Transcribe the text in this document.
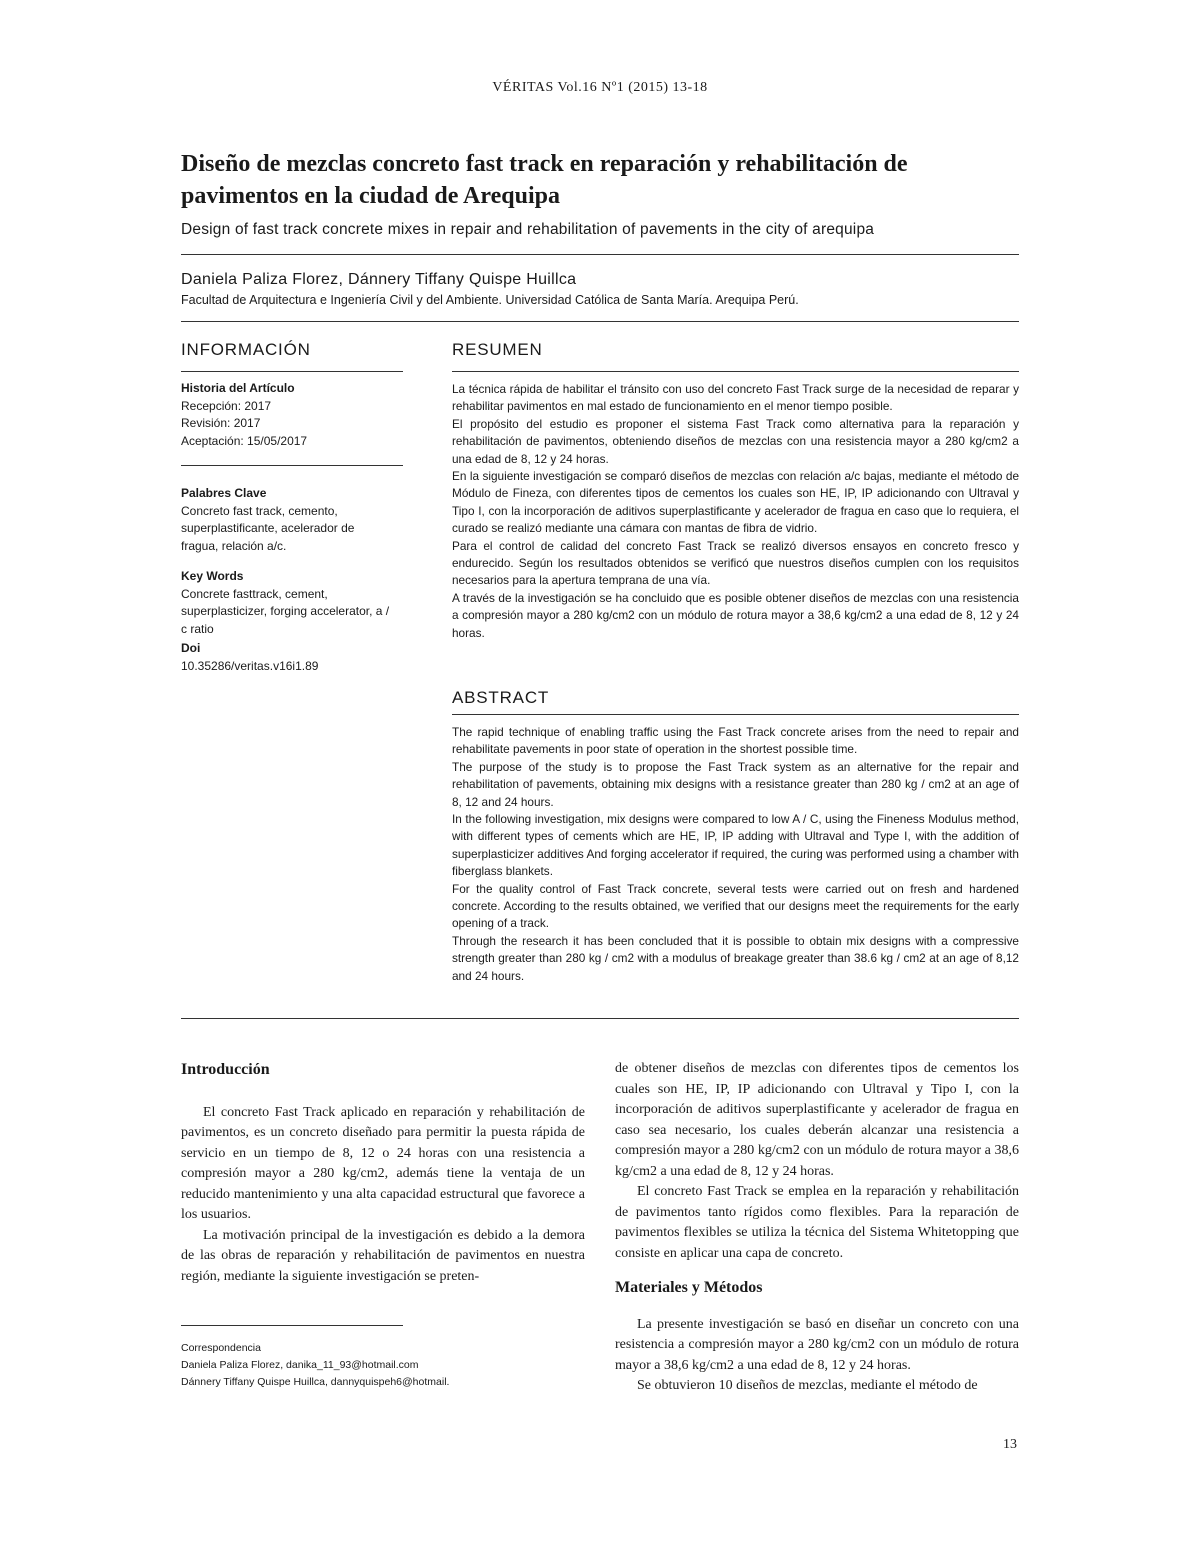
VÉRITAS Vol.16 Nº1 (2015) 13-18
Diseño de mezclas concreto fast track en reparación y rehabilitación de pavimentos en la ciudad de Arequipa
Design of fast track concrete mixes in repair and rehabilitation of pavements in the city of arequipa
Daniela Paliza Florez, Dánnery Tiffany Quispe Huillca
Facultad de Arquitectura e Ingeniería Civil y del Ambiente. Universidad Católica de Santa María. Arequipa Perú.
INFORMACIÓN
Historia del Artículo
Recepción: 2017
Revisión: 2017
Aceptación: 15/05/2017
Palabres Clave
Concreto fast track, cemento, superplastificante, acelerador de fragua, relación a/c.
Key Words
Concrete fasttrack, cement, superplasticizer, forging accelerator, a / c ratio
Doi
10.35286/veritas.v16i1.89
RESUMEN

La técnica rápida de habilitar el tránsito con uso del concreto Fast Track surge de la necesidad de reparar y rehabilitar pavimentos en mal estado de funcionamiento en el menor tiempo posible.

El propósito del estudio es proponer el sistema Fast Track como alternativa para la reparación y rehabilitación de pavimentos, obteniendo diseños de mezclas con una resistencia mayor a 280 kg/cm2 a una edad de 8, 12 y 24 horas.

En la siguiente investigación se comparó diseños de mezclas con relación a/c bajas, mediante el método de Módulo de Fineza, con diferentes tipos de cementos los cuales son HE, IP, IP adicionando con Ultraval y Tipo I, con la incorporación de aditivos superplastificante y acelerador de fragua en caso que lo requiera, el curado se realizó mediante una cámara con mantas de fibra de vidrio.

Para el control de calidad del concreto Fast Track se realizó diversos ensayos en concreto fresco y endurecido. Según los resultados obtenidos se verificó que nuestros diseños cumplen con los requisitos necesarios para la apertura temprana de una vía.

A través de la investigación se ha concluido que es posible obtener diseños de mezclas con una resistencia a compresión mayor a 280 kg/cm2 con un módulo de rotura mayor a 38,6 kg/cm2 a una edad de 8, 12 y 24 horas.

ABSTRACT

The rapid technique of enabling traffic using the Fast Track concrete arises from the need to repair and rehabilitate pavements in poor state of operation in the shortest possible time.

The purpose of the study is to propose the Fast Track system as an alternative for the repair and rehabilitation of pavements, obtaining mix designs with a resistance greater than 280 kg / cm2 at an age of 8, 12 and 24 hours.

In the following investigation, mix designs were compared to low A / C, using the Fineness Modulus method, with different types of cements which are HE, IP, IP adding with Ultraval and Type I, with the addition of superplasticizer additives And forging accelerator if required, the curing was performed using a chamber with fiberglass blankets.

For the quality control of Fast Track concrete, several tests were carried out on fresh and hardened concrete. According to the results obtained, we verified that our designs meet the requirements for the early opening of a track.

Through the research it has been concluded that it is possible to obtain mix designs with a compressive strength greater than 280 kg / cm2 with a modulus of breakage greater than 38.6 kg / cm2 at an age of 8,12 and 24 hours.

Introducción

El concreto Fast Track aplicado en reparación y rehabilitación de pavimentos, es un concreto diseñado para permitir la puesta rápida de servicio en un tiempo de 8, 12 o 24 horas con una resistencia a compresión mayor a 280 kg/cm2, además tiene la ventaja de un reducido mantenimiento y una alta capacidad estructural que favorece a los usuarios.

La motivación principal de la investigación es debido a la demora de las obras de reparación y rehabilitación de pavimentos en nuestra región, mediante la siguiente investigación se preten-

Correspondencia
Daniela Paliza Florez, danika_11_93@hotmail.com
Dánnery Tiffany Quispe Huillca, dannyquispeh6@hotmail.

de obtener diseños de mezclas con diferentes tipos de cementos los cuales son HE, IP, IP adicionando con Ultraval y Tipo I, con la incorporación de aditivos superplastificante y acelerador de fragua en caso sea necesario, los cuales deberán alcanzar una resistencia a compresión mayor a 280 kg/cm2 con un módulo de rotura mayor a 38,6 kg/cm2 a una edad de 8, 12 y 24 horas.

El concreto Fast Track se emplea en la reparación y rehabilitación de pavimentos tanto rígidos como flexibles. Para la reparación de pavimentos flexibles se utiliza la técnica del Sistema Whitetopping que consiste en aplicar una capa de concreto.

Materiales y Métodos

La presente investigación se basó en diseñar un concreto con una resistencia a compresión mayor a 280 kg/cm2 con un módulo de rotura mayor a 38,6 kg/cm2 a una edad de 8, 12 y 24 horas.

Se obtuvieron 10 diseños de mezclas, mediante el método de

13
